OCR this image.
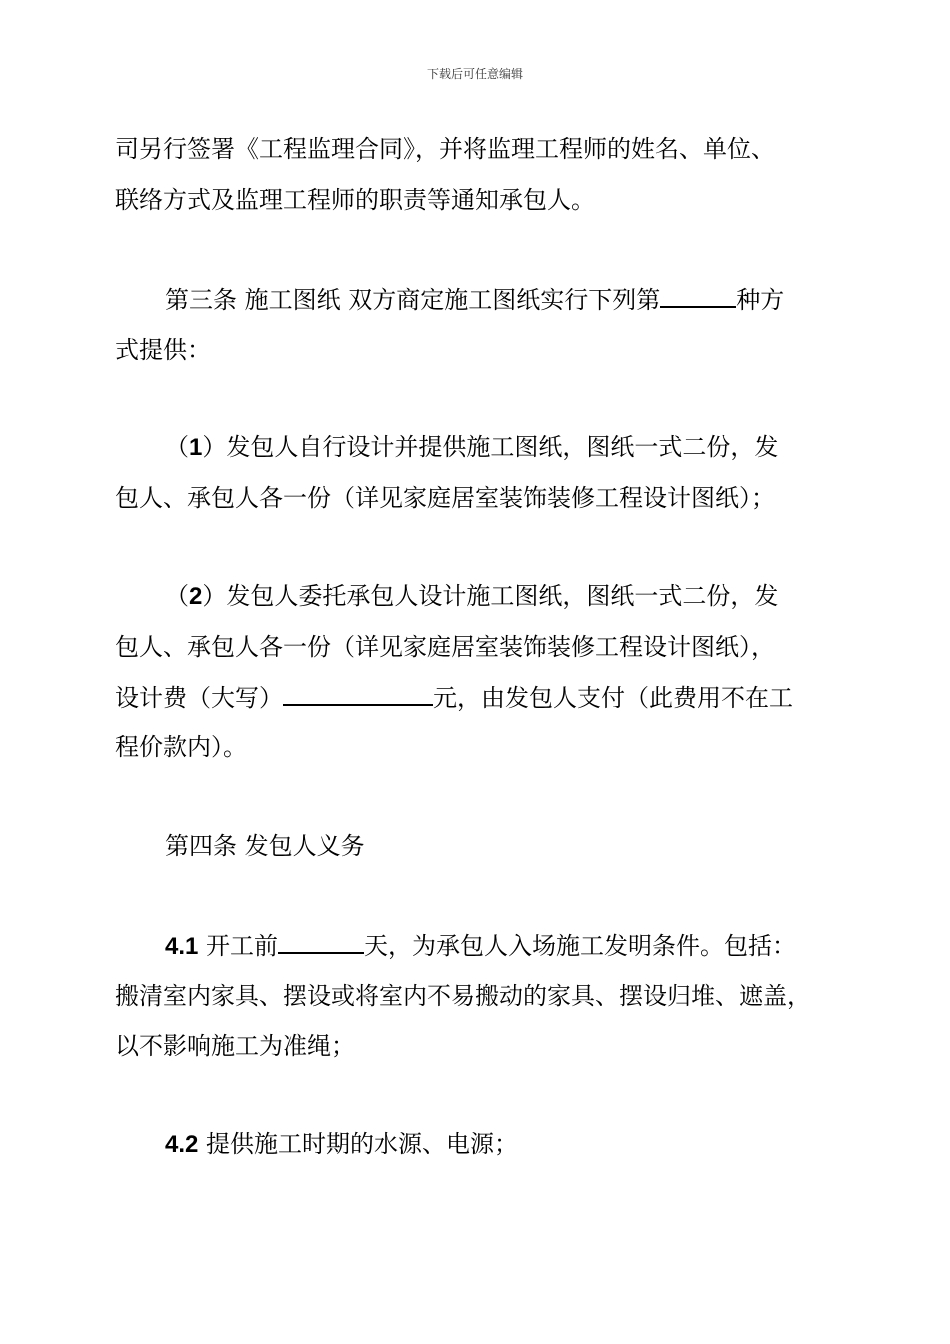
下载后可任意编辑
司另行签署《工程监理合同》，并将监理工程师的姓名、单位、
联络方式及监理工程师的职责等通知承包人。
第三条 施工图纸 双方商定施工图纸实行下列第	种方
式提供：
（1）发包人自行设计并提供施工图纸，图纸一式二份，发
包人、承包人各一份（详见家庭居室装饰装修工程设计图纸）；
（2）发包人委托承包人设计施工图纸，图纸一式二份，发
包人、承包人各一份（详见家庭居室装饰装修工程设计图纸），
设计费（大写）	元，由发包人支付（此费用不在工
程价款内）。
第四条 发包人义务
4.1 开工前	天，为承包人入场施工发明条件。包括：
搬清室内家具、摆设或将室内不易搬动的家具、摆设归堆、遮盖，
以不影响施工为准绳；
4.2 提供施工时期的水源、电源；
